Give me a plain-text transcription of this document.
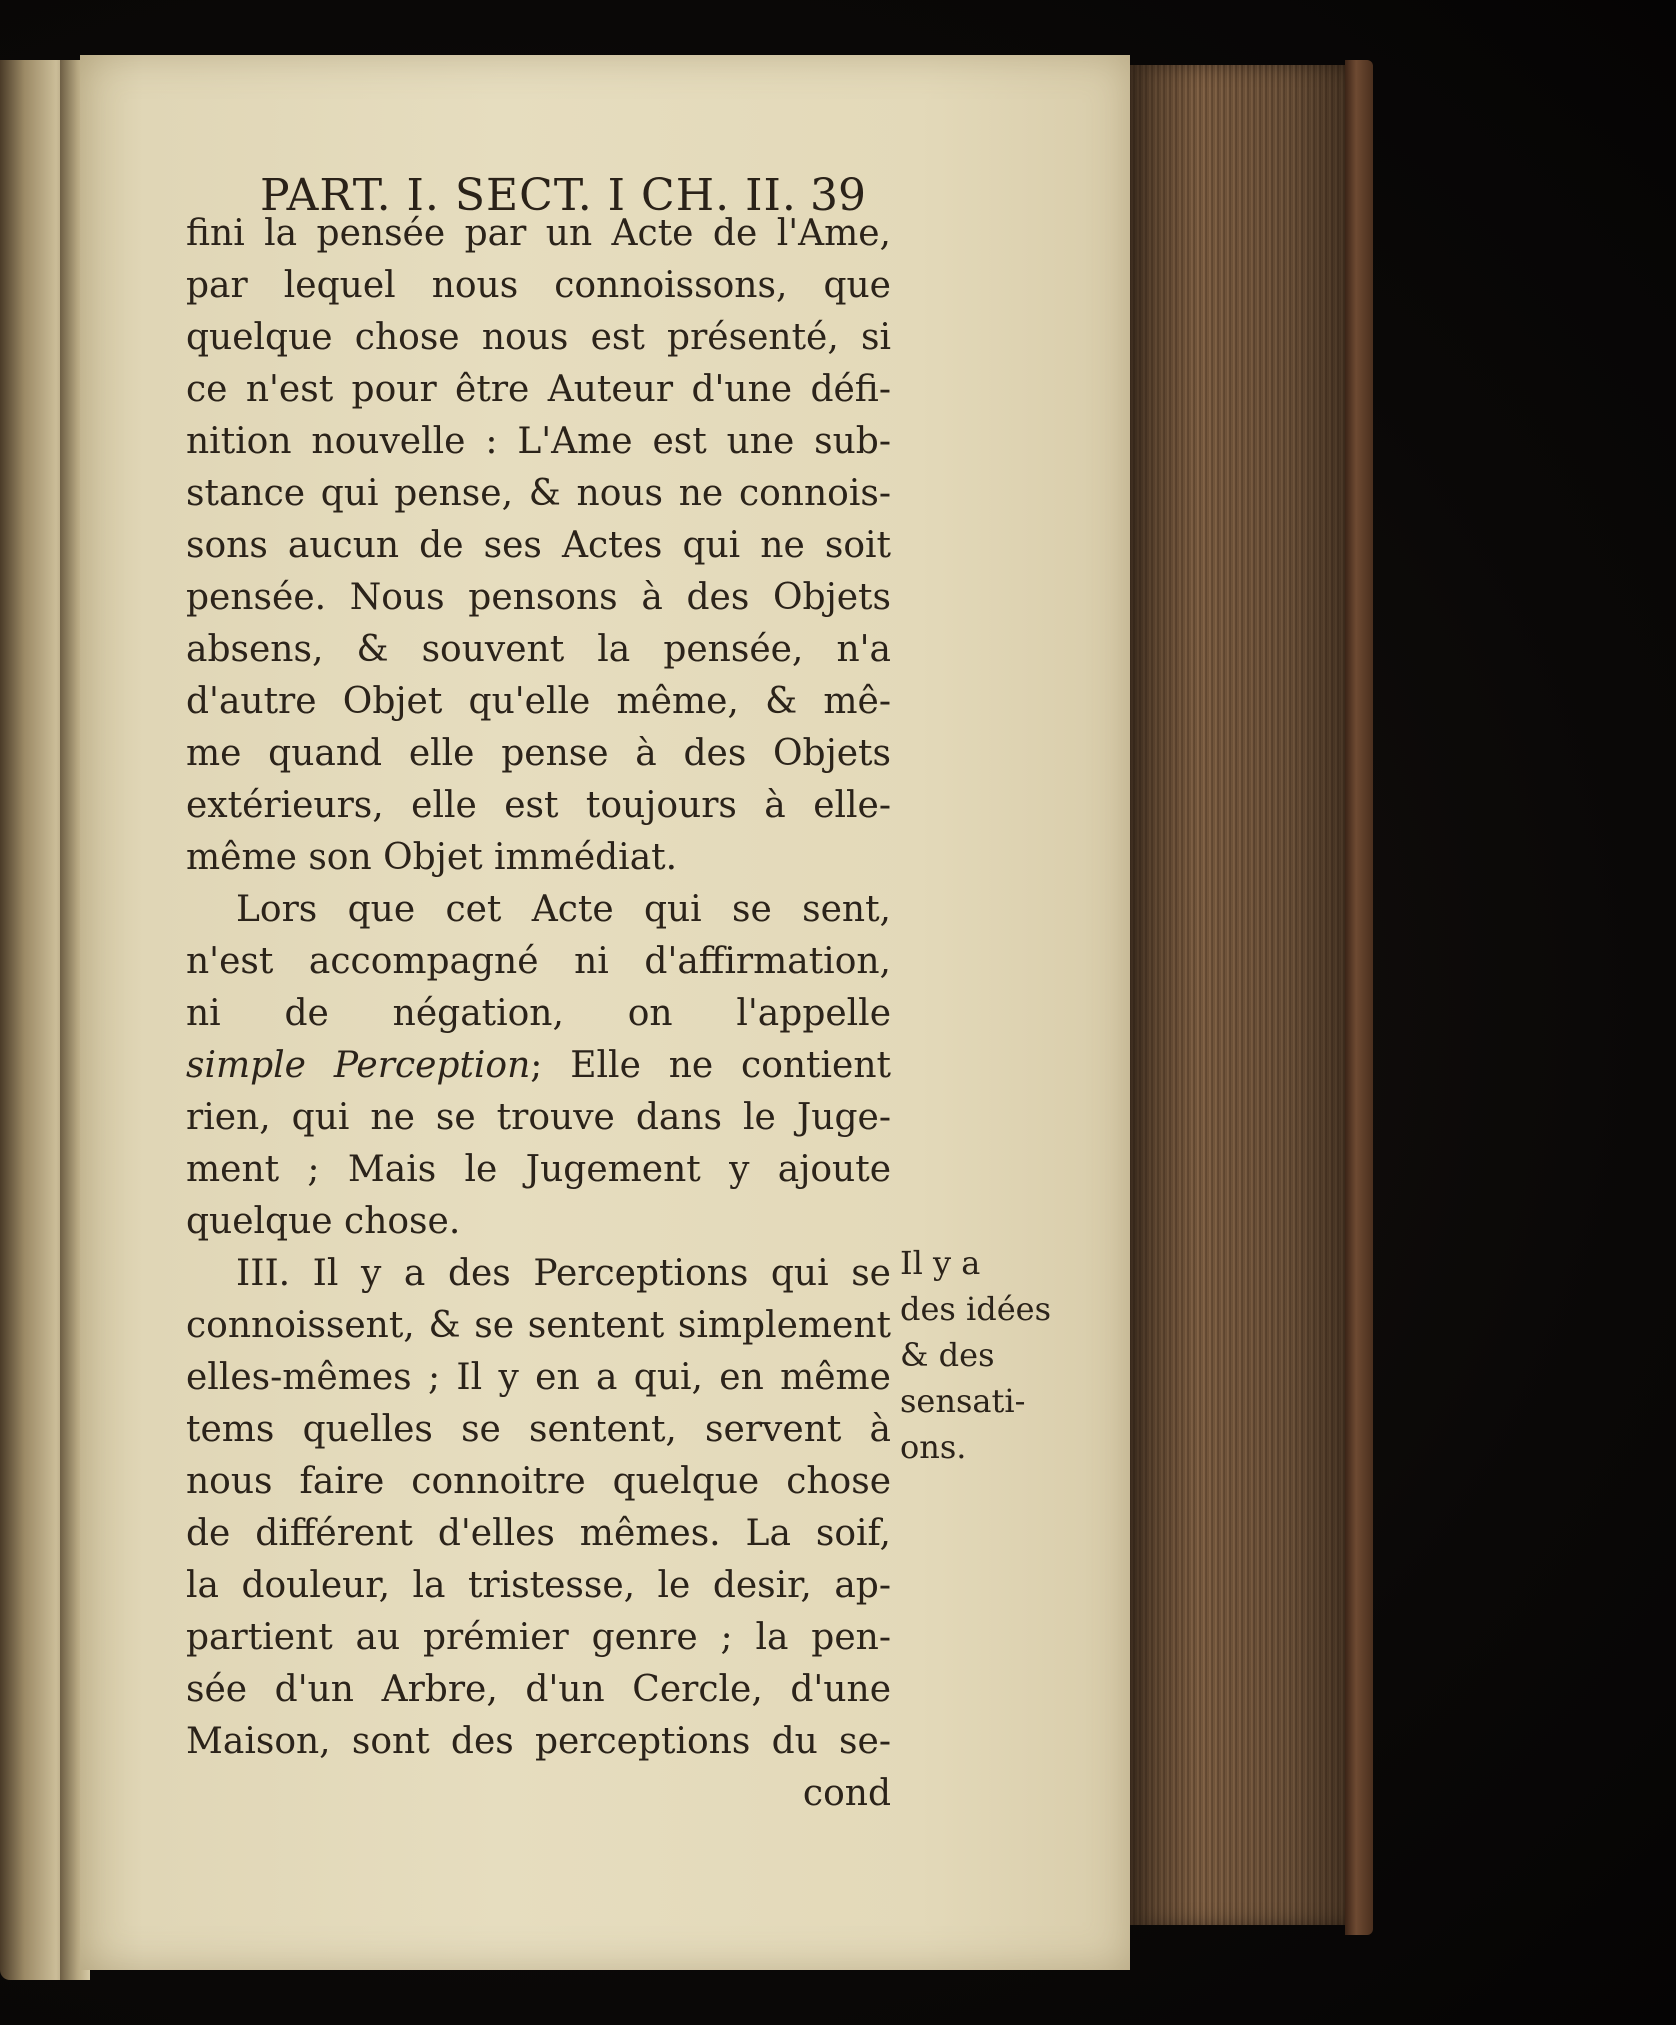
PART. I. SECT. I CH. II. 39
fini la pensée par un Acte de l'Ame,
par lequel nous connoissons, que
quelque chose nous est présenté, si
ce n'est pour être Auteur d'une défi-
nition nouvelle : L'Ame est une sub-
stance qui pense, & nous ne connois-
sons aucun de ses Actes qui ne soit
pensée. Nous pensons à des Objets
absens, & souvent la pensée, n'a
d'autre Objet qu'elle même, & mê-
me quand elle pense à des Objets
extérieurs, elle est toujours à elle-
même son Objet immédiat.
Lors que cet Acte qui se sent,
n'est accompagné ni d'affirmation,
ni de négation, on l'appelle
simple Perception; Elle ne contient
rien, qui ne se trouve dans le Juge-
ment ; Mais le Jugement y ajoute
quelque chose.
III. Il y a des Perceptions qui se
connoissent, & se sentent simplement
elles-mêmes ; Il y en a qui, en même
tems quelles se sentent, servent à
nous faire connoitre quelque chose
de différent d'elles mêmes. La soif,
la douleur, la tristesse, le desir, ap-
partient au prémier genre ; la pen-
sée d'un Arbre, d'un Cercle, d'une
Maison, sont des perceptions du se-
cond
Il y a
des idées
& des
sensati-
ons.
